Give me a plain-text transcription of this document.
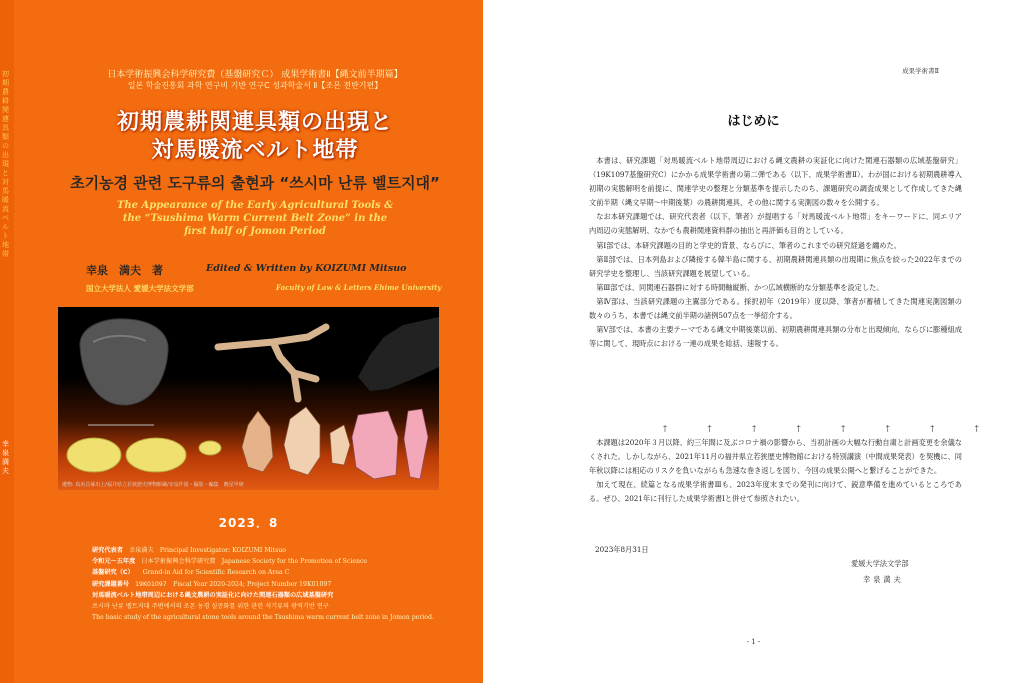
初期農耕関連具類の出現と対馬暖流ベルト地帯
幸泉満夫
日本学術振興会科学研究費（基盤研究Ｃ） 成果学術書Ⅱ【縄文前半期篇】
일본 학술진흥회 과학 연구비 기반 연구C 성과학술서 Ⅱ【조몬 전반기편】
初期農耕関連具類の出現と
対馬暖流ベルト地帯
초기농경 관련 도구류의 출현과 “쓰시마 난류 벨트지대”
The Appearance of the Early Agricultural Tools & the “Tsushima Warm Current Belt Zone” in the first half of Jomon Period
幸泉　満夫　著	Edited & Written by KOIZUMI Mitsuo
国立大学法人 愛媛大学法文学部	Faculty of Law & Letters Ehime University
遺物: 鳥浜貝塚出土/福井県立若狭歴史博物館蔵/幸泉作図・撮影・編集　暁星甲研
2023．8
研究代表者 幸泉満夫　 Principal Investigator: KOIZUMI Mitsuo
令和元～五年度 日本学術振興会科学研究費　 Japanese Society for the Promotion of Science
基盤研究（C）　 Grand-in Aid for Scientific Research on Area C
研究課題番号 19K01097　 Fiscal Year 2020-2024; Project Number 19K01097
対馬暖流ベルト地帯周辺における縄文農耕の実証化に向けた関連石器類の広域基盤研究
쓰시마 난류 벨트지대 주변에서의 조몬 농경 실증화를 위한 관련 석기류의 광역기반 연구
The basic study of the agricultural stone tools around the Tsushima warm current belt zone in Jomon period.
成果学術書Ⅱ
はじめに

本書は、研究課題「対馬暖流ベルト地帯周辺における縄文農耕の実証化に向けた関連石器類の広域基盤研究」（19K1097基盤研究C）にかかる成果学術書の第二弾である（以下、成果学術書Ⅱ）。わが国における初期農耕導入初期の実態解明を前提に、関連学史の整理と分類基準を提示したのち、課題研究の調査成果として作成してきた縄文前半期（縄文早期～中期後葉）の農耕関連具、その他に関する実測図の数々を公開する。

なお本研究課題では、研究代表者（以下、筆者）が提唱する「対馬暖流ベルト地帯」をキーワードに、同エリア内周辺の実態解明、なかでも農耕関連資料群の抽出と再評価も目的としている。

第Ⅰ部では、本研究課題の目的と学史的背景、ならびに、筆者のこれまでの研究経過を纏めた。

第Ⅱ部では、日本列島および隣接する韓半島に関する、初期農耕関連具類の出現期に焦点を絞った2022年までの研究学史を整理し、当該研究課題を展望している。

第Ⅲ部では、同関連石器群に対する時間軸縦断、かつ広域横断的な分類基準を設定した。

第Ⅳ部は、当該研究課題の主翼部分である。採択初年（2019年）度以降、筆者が蓄積してきた関連実測図類の数々のうち、本書では縄文前半期の諸例507点を一挙紹介する。

第Ⅴ部では、本書の主要テーマである縄文中期後葉以前、初期農耕関連具類の分布と出現傾向、ならびに膨種組成等に関して、現時点における一連の成果を総括、速報する。

† † † † † † † †

本課題は2020年３月以降、約三年間に及ぶコロナ禍の影響から、当初計画の大幅な行動自粛と計画変更を余儀なくされた。しかしながら、2021年11月の福井県立若狭歴史博物館における特別講演（中間成果発表）を契機に、同年秋以降には相応のリスクを負いながらも急速な巻き返しを図り、今回の成果公開へと繋げることができた。

加えて現在、続篇となる成果学術書Ⅲも、2023年度末までの発刊に向けて、鋭意準備を進めているところである。ぜひ、2021年に刊行した成果学術書Ⅰと併せて参照されたい。

2023年8月31日
愛媛大学法文学部
幸泉満夫
- 1 -
